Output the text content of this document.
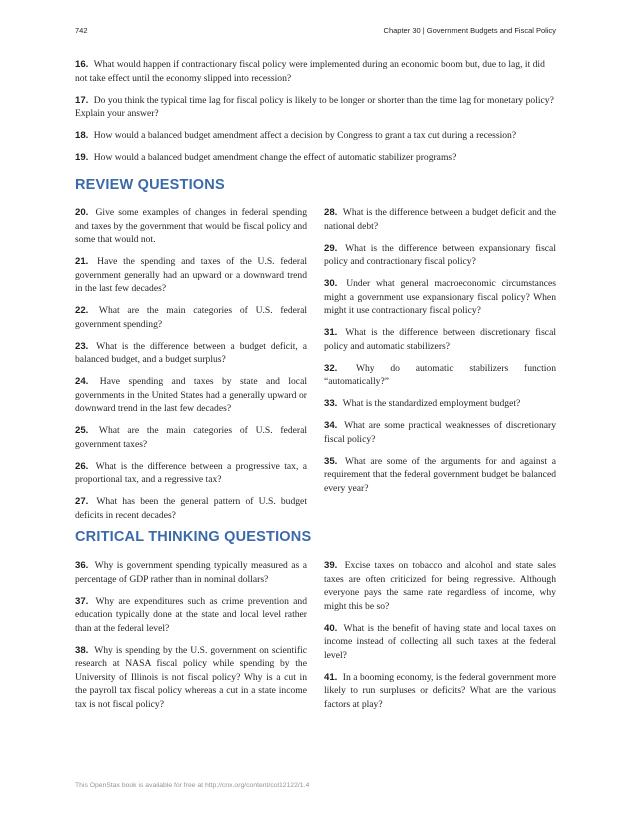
742	Chapter 30 | Government Budgets and Fiscal Policy

16. What would happen if contractionary fiscal policy were implemented during an economic boom but, due to lag, it did not take effect until the economy slipped into recession?

17. Do you think the typical time lag for fiscal policy is likely to be longer or shorter than the time lag for monetary policy? Explain your answer?

18. How would a balanced budget amendment affect a decision by Congress to grant a tax cut during a recession?

19. How would a balanced budget amendment change the effect of automatic stabilizer programs?

REVIEW QUESTIONS

20. Give some examples of changes in federal spending and taxes by the government that would be fiscal policy and some that would not.

21. Have the spending and taxes of the U.S. federal government generally had an upward or a downward trend in the last few decades?

22. What are the main categories of U.S. federal government spending?

23. What is the difference between a budget deficit, a balanced budget, and a budget surplus?

24. Have spending and taxes by state and local governments in the United States had a generally upward or downward trend in the last few decades?

25. What are the main categories of U.S. federal government taxes?

26. What is the difference between a progressive tax, a proportional tax, and a regressive tax?

27. What has been the general pattern of U.S. budget deficits in recent decades?

28. What is the difference between a budget deficit and the national debt?

29. What is the difference between expansionary fiscal policy and contractionary fiscal policy?

30. Under what general macroeconomic circumstances might a government use expansionary fiscal policy? When might it use contractionary fiscal policy?

31. What is the difference between discretionary fiscal policy and automatic stabilizers?

32. Why do automatic stabilizers function “automatically?”

33. What is the standardized employment budget?

34. What are some practical weaknesses of discretionary fiscal policy?

35. What are some of the arguments for and against a requirement that the federal government budget be balanced every year?

CRITICAL THINKING QUESTIONS

36. Why is government spending typically measured as a percentage of GDP rather than in nominal dollars?

37. Why are expenditures such as crime prevention and education typically done at the state and local level rather than at the federal level?

38. Why is spending by the U.S. government on scientific research at NASA fiscal policy while spending by the University of Illinois is not fiscal policy? Why is a cut in the payroll tax fiscal policy whereas a cut in a state income tax is not fiscal policy?

39. Excise taxes on tobacco and alcohol and state sales taxes are often criticized for being regressive. Although everyone pays the same rate regardless of income, why might this be so?

40. What is the benefit of having state and local taxes on income instead of collecting all such taxes at the federal level?

41. In a booming economy, is the federal government more likely to run surpluses or deficits? What are the various factors at play?

This OpenStax book is available for free at http://cnx.org/content/col12122/1.4
